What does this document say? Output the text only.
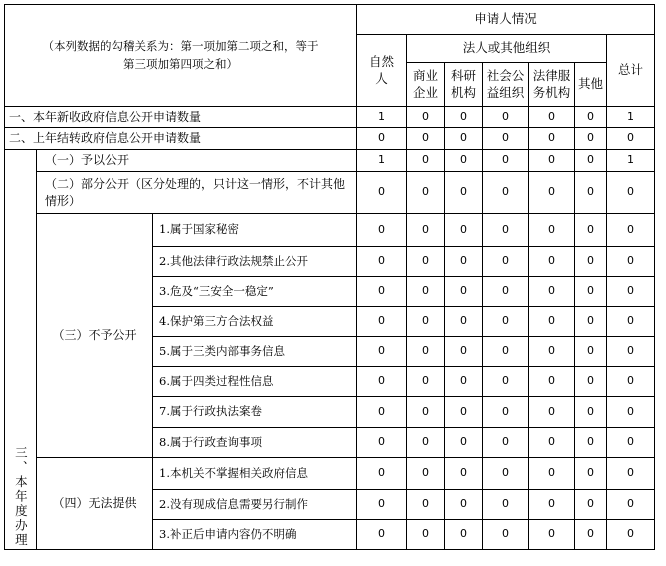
（本列数据的勾稽关系为：第一项加第二项之和，等于第三项加第四项之和）			申请人情况						
			自然人	法人或其他组织					总计
				商业企业	科研机构	社会公益组织	法律服务机构	其他	
一、本年新收政府信息公开申请数量			1	0	0	0	0	0	1
二、上年结转政府信息公开申请数量			0	0	0	0	0	0	0

三、本年度办理	（一）予以公开		1	0	0	0	0	0	1
	（二）部分公开（区分处理的，只计这一情形，不计其他情形）		0	0	0	0	0	0	0
	（三）不予公开	1.属于国家秘密	0	0	0	0	0	0	0
		2.其他法律行政法规禁止公开	0	0	0	0	0	0	0
		3.危及“三安全一稳定”	0	0	0	0	0	0	0
		4.保护第三方合法权益	0	0	0	0	0	0	0
		5.属于三类内部事务信息	0	0	0	0	0	0	0
		6.属于四类过程性信息	0	0	0	0	0	0	0
		7.属于行政执法案卷	0	0	0	0	0	0	0
		8.属于行政查询事项	0	0	0	0	0	0	0
	（四）无法提供	1.本机关不掌握相关政府信息	0	0	0	0	0	0	0
		2.没有现成信息需要另行制作	0	0	0	0	0	0	0
		3.补正后申请内容仍不明确	0	0	0	0	0	0	0
